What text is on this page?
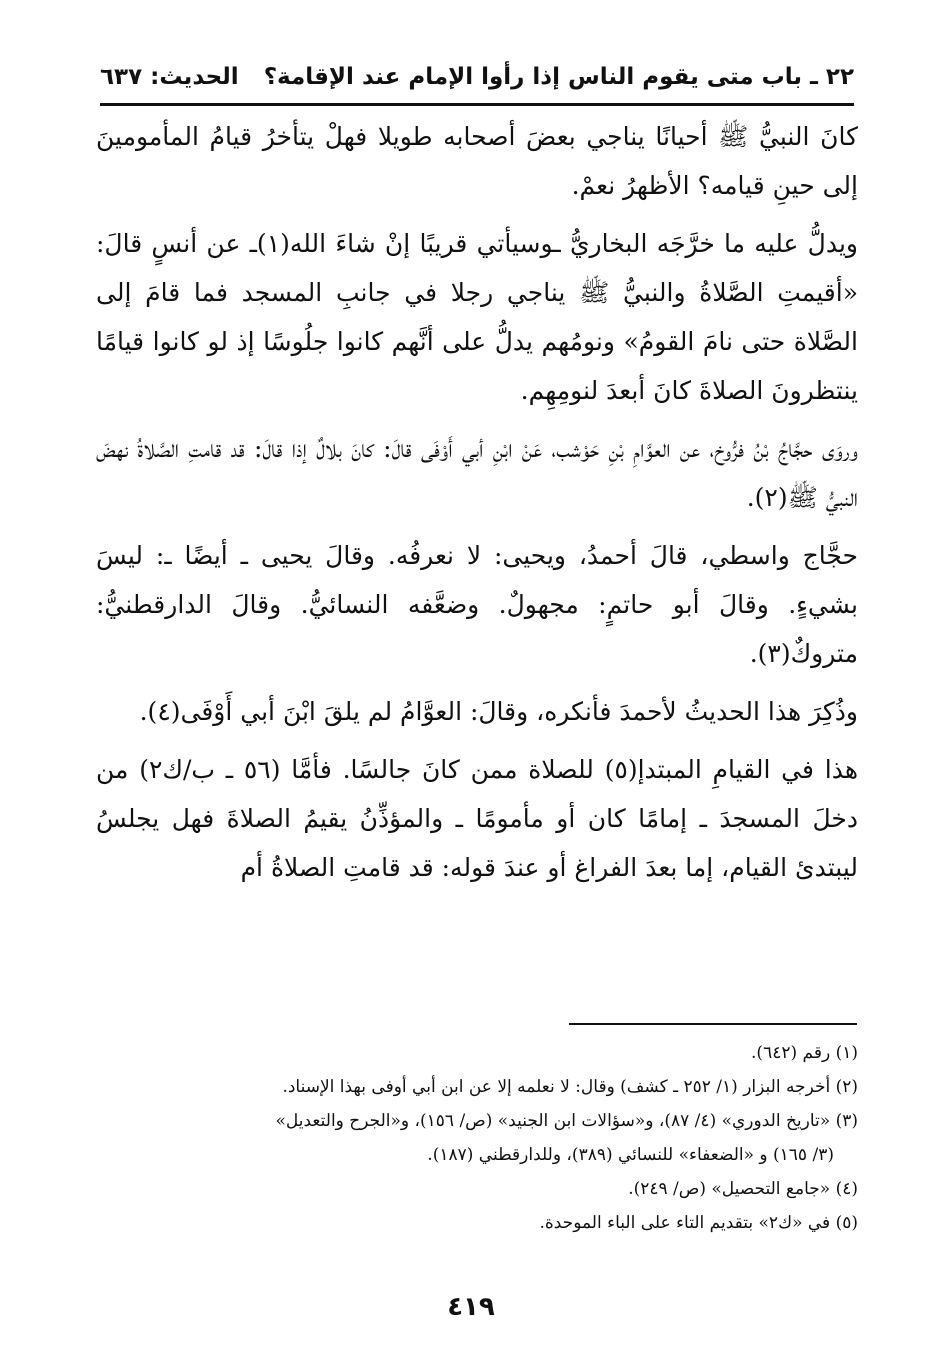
٢٢ ـ باب متى يقوم الناس إذا رأوا الإمام عند الإقامة؟
الحديث: ٦٣٧

كانَ النبيُّ ﷺ أحيانًا يناجي بعضَ أصحابه طويلا فهلْ يتأخرُ قيامُ المأمومينَ إلى حينِ قيامه؟ الأظهرُ نعمْ.

ويدلُّ عليه ما خرَّجَه البخاريُّ ـوسيأتي قريبًا إنْ شاءَ الله(١)ـ عن أنسٍ قالَ: «أقيمتِ الصَّلاةُ والنبيُّ ﷺ يناجي رجلا في جانبِ المسجد فما قامَ إلى الصَّلاة حتى نامَ القومُ» ونومُهم يدلُّ على أنَّهم كانوا جلُوسًا إذ لو كانوا قيامًا ينتظرونَ الصلاةَ كانَ أبعدَ لنومِهِم.

وروَى حجَّاجُ بْنُ فرُّوخ، عن العوَّامِ بْنِ حَوْشب، عَنْ ابْنِ أبي أَوْفَى قالَ: كانَ بلالٌ إذا قالَ: قد قامتِ الصَّلاةُ نهضَ النبيُّ ﷺ(٢).

حجَّاج واسطي، قالَ أحمدُ، ويحيى: لا نعرفُه. وقالَ يحيى ـ أيضًا ـ: ليسَ بشيءٍ. وقالَ أبو حاتمٍ: مجهولٌ. وضعَّفه النسائيُّ. وقالَ الدارقطنيُّ: متروكٌ(٣).

وذُكِرَ هذا الحديثُ لأحمدَ فأنكره، وقالَ: العوَّامُ لم يلقَ ابْنَ أبي أَوْفَى(٤).

هذا في القيامِ المبتدإ(٥) للصلاة ممن كانَ جالسًا. فأمَّا (٥٦ ـ ب/ك٢) من دخلَ المسجدَ ـ إمامًا كان أو مأمومًا ـ والمؤذِّنُ يقيمُ الصلاةَ فهل يجلسُ ليبتدئ القيام، إما بعدَ الفراغ أو عندَ قوله: قد قامتِ الصلاةُ أم

(١) رقم (٦٤٢).

(٢) أخرجه البزار (١/ ٢٥٢ ـ كشف) وقال: لا نعلمه إلا عن ابن أبي أوفى بهذا الإسناد.

(٣) «تاريخ الدوري» (٤/ ٨٧)، و«سؤالات ابن الجنيد» (ص/ ١٥٦)، و«الجرح والتعديل»

(٣/ ١٦٥) و «الضعفاء» للنسائي (٣٨٩)، وللدارقطني (١٨٧).

(٤) «جامع التحصيل» (ص/ ٢٤٩).

(٥) في «ك٢» بتقديم التاء على الباء الموحدة.

٤١٩
